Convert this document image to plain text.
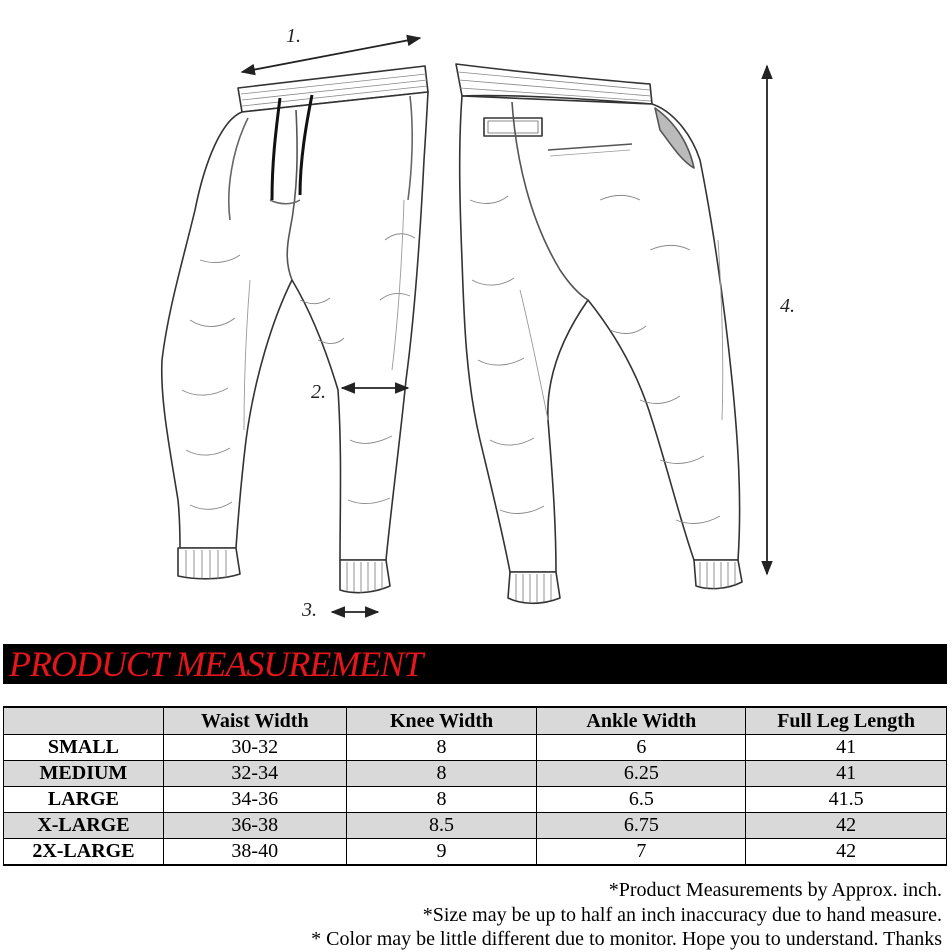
1.
2.
3.
4.
PRODUCT MEASUREMENT
	Waist Width	Knee Width	Ankle Width	Full Leg Length
SMALL	30-32	8	6	41
MEDIUM	32-34	8	6.25	41
LARGE	34-36	8	6.5	41.5
X-LARGE	36-38	8.5	6.75	42
2X-LARGE	38-40	9	7	42
*Product Measurements by Approx. inch.
*Size may be up to half an inch inaccuracy due to hand measure.
* Color may be little different due to monitor. Hope you to understand. Thanks
